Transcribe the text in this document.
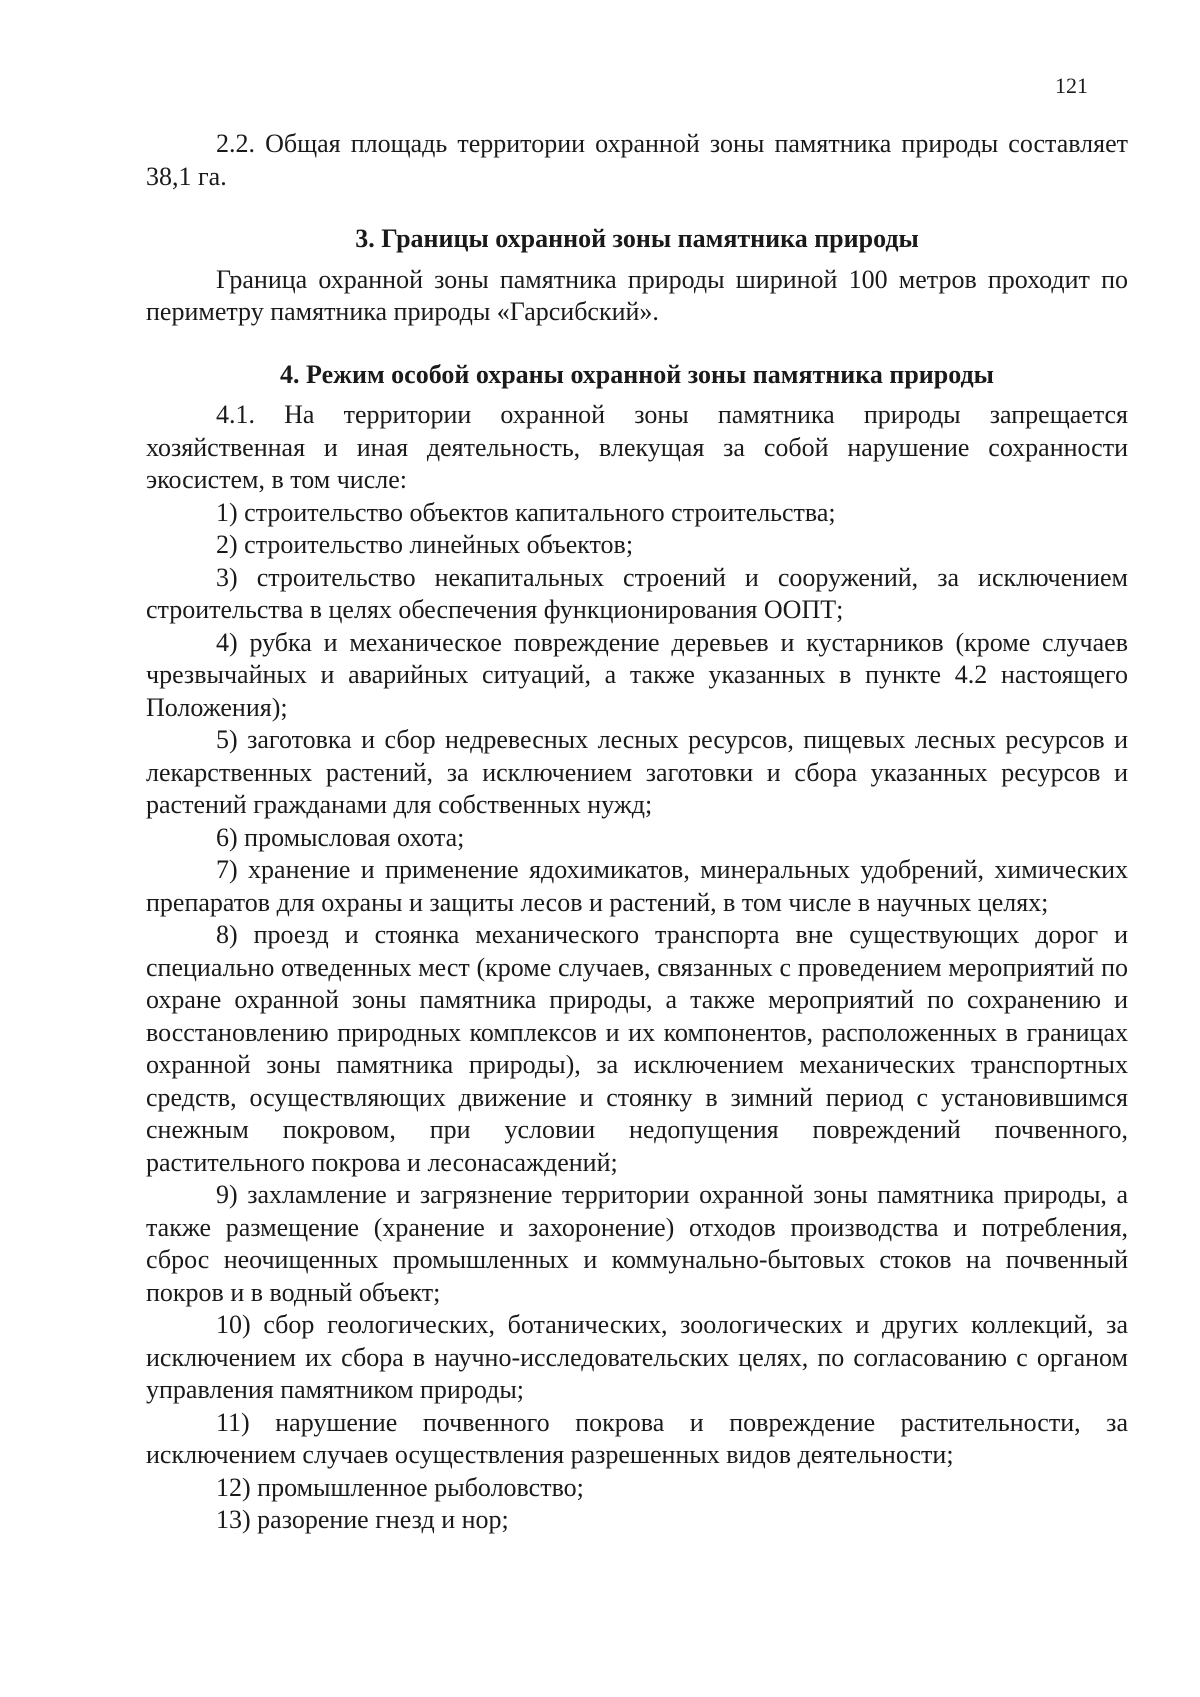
121

2.2. Общая площадь территории охранной зоны памятника природы составляет 38,1 га.

3. Границы охранной зоны памятника природы

Граница охранной зоны памятника природы шириной 100 метров проходит по периметру памятника природы «Гарсибский».

4. Режим особой охраны охранной зоны памятника природы

4.1. На территории охранной зоны памятника природы запрещается хозяйственная и иная деятельность, влекущая за собой нарушение сохранности экосистем, в том числе:

1) строительство объектов капитального строительства;

2) строительство линейных объектов;

3) строительство некапитальных строений и сооружений, за исключением строительства в целях обеспечения функционирования ООПТ;

4) рубка и механическое повреждение деревьев и кустарников (кроме случаев чрезвычайных и аварийных ситуаций, а также указанных в пункте 4.2 настоящего Положения);

5) заготовка и сбор недревесных лесных ресурсов, пищевых лесных ресурсов и лекарственных растений, за исключением заготовки и сбора указанных ресурсов и растений гражданами для собственных нужд;

6) промысловая охота;

7) хранение и применение ядохимикатов, минеральных удобрений, химических препаратов для охраны и защиты лесов и растений, в том числе в научных целях;

8) проезд и стоянка механического транспорта вне существующих дорог и специально отведенных мест (кроме случаев, связанных с проведением мероприятий по охране охранной зоны памятника природы, а также мероприятий по сохранению и восстановлению природных комплексов и их компонентов, расположенных в границах охранной зоны памятника природы), за исключением механических транспортных средств, осуществляющих движение и стоянку в зимний период с установившимся снежным покровом, при условии недопущения повреждений почвенного, растительного покрова и лесонасаждений;

9) захламление и загрязнение территории охранной зоны памятника природы, а также размещение (хранение и захоронение) отходов производства и потребления, сброс неочищенных промышленных и коммунально-бытовых стоков на почвенный покров и в водный объект;

10) сбор геологических, ботанических, зоологических и других коллекций, за исключением их сбора в научно-исследовательских целях, по согласованию с органом управления памятником природы;

11) нарушение почвенного покрова и повреждение растительности, за исключением случаев осуществления разрешенных видов деятельности;

12) промышленное рыболовство;

13) разорение гнезд и нор;
